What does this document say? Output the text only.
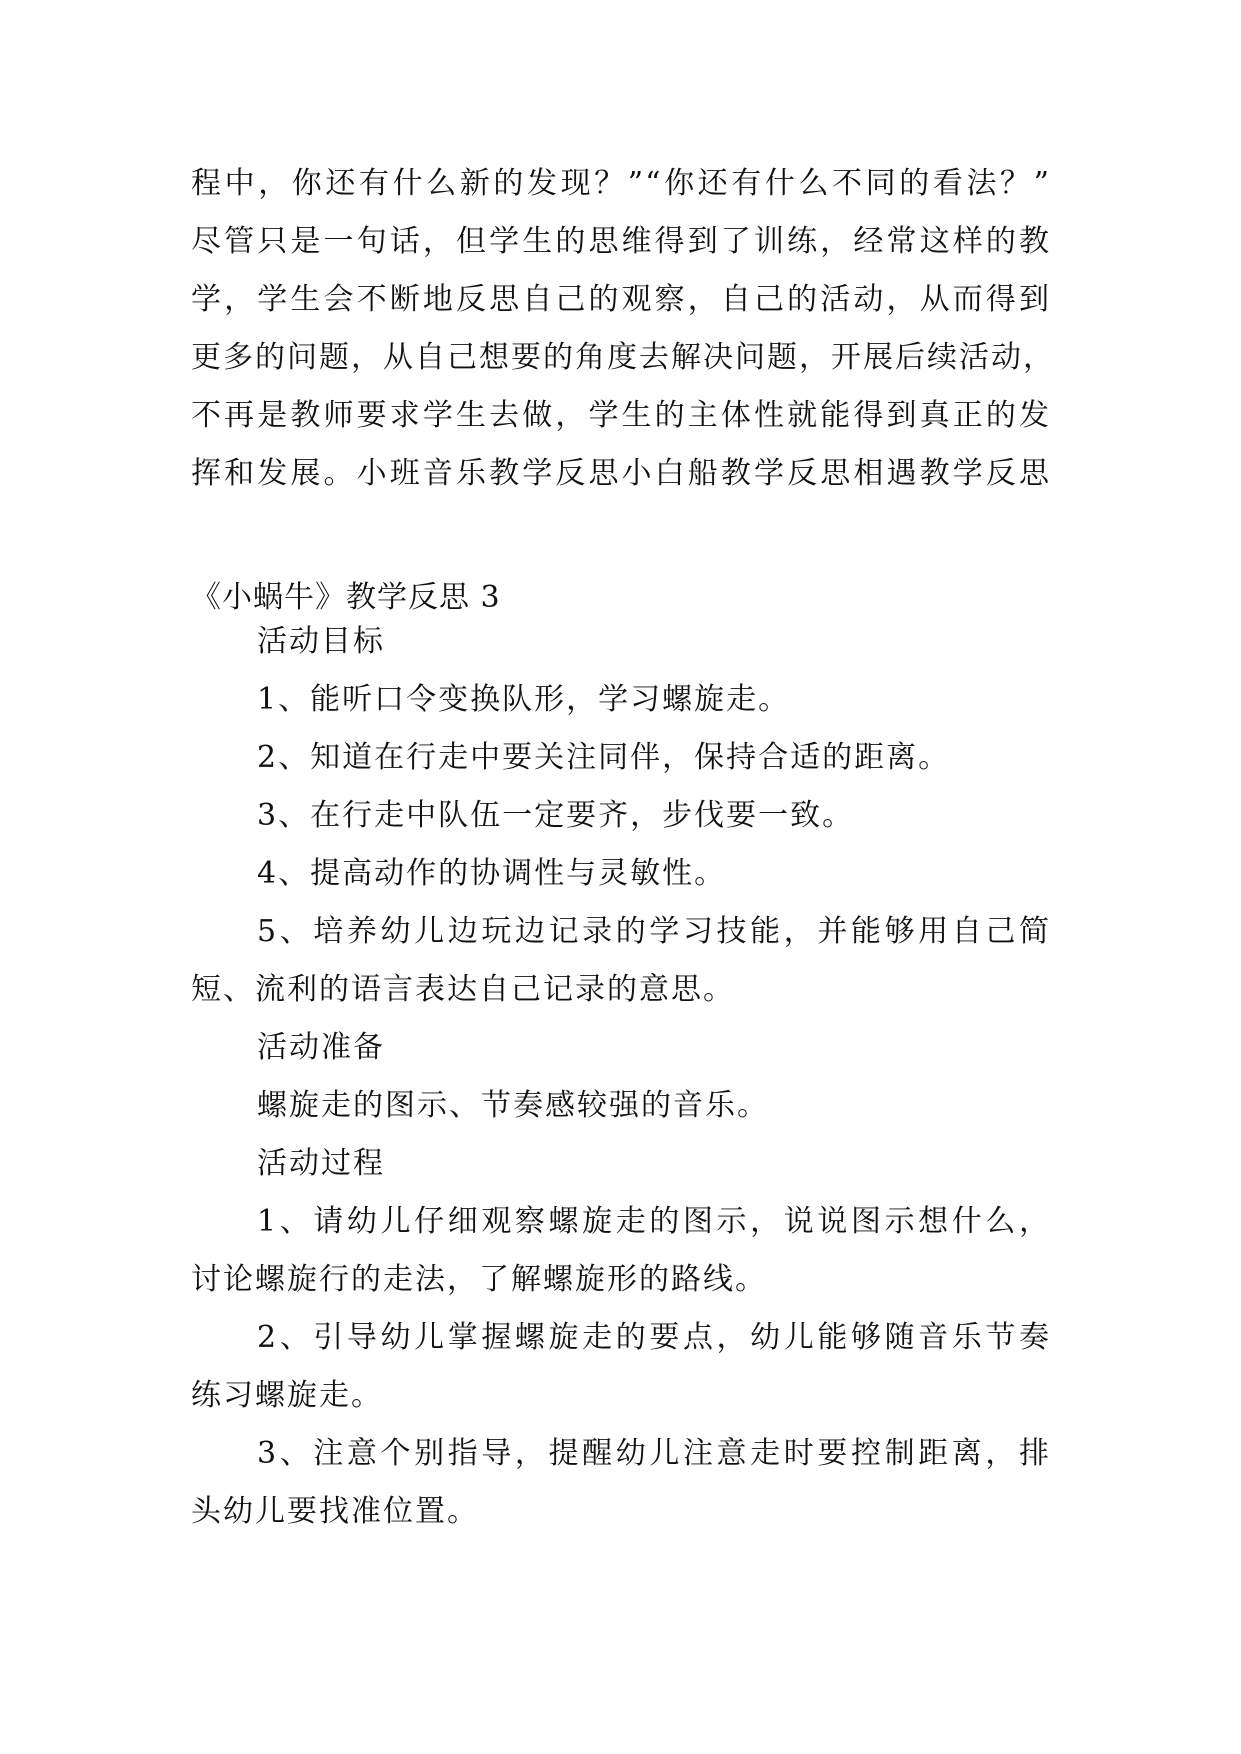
程中，你还有什么新的发现？”“你还有什么不同的看法？”
尽管只是一句话，但学生的思维得到了训练，经常这样的教
学，学生会不断地反思自己的观察，自己的活动，从而得到
更多的问题，从自己想要的角度去解决问题，开展后续活动，
不再是教师要求学生去做，学生的主体性就能得到真正的发
挥和发展。小班音乐教学反思小白船教学反思相遇教学反思
《小蜗牛》教学反思 3
活动目标
1、能听口令变换队形，学习螺旋走。
2、知道在行走中要关注同伴，保持合适的距离。
3、在行走中队伍一定要齐，步伐要一致。
4、提高动作的协调性与灵敏性。
5、培养幼儿边玩边记录的学习技能，并能够用自己简
短、流利的语言表达自己记录的意思。
活动准备
螺旋走的图示、节奏感较强的音乐。
活动过程
1、请幼儿仔细观察螺旋走的图示，说说图示想什么，
讨论螺旋行的走法，了解螺旋形的路线。
2、引导幼儿掌握螺旋走的要点，幼儿能够随音乐节奏
练习螺旋走。
3、注意个别指导，提醒幼儿注意走时要控制距离，排
头幼儿要找准位置。
